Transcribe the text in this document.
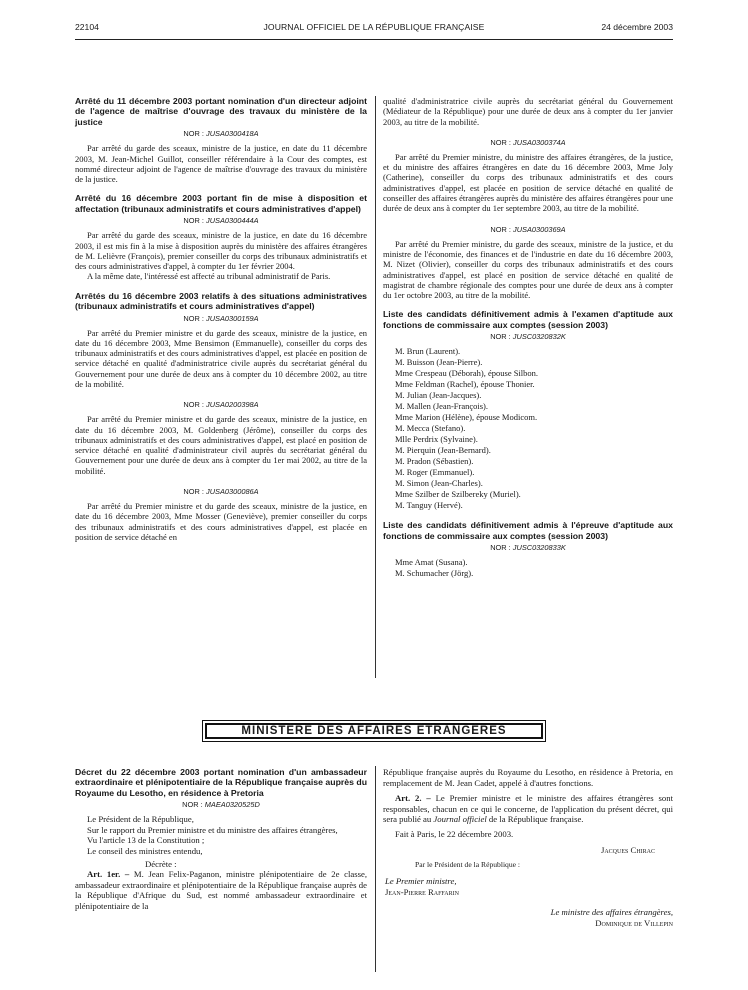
22104	JOURNAL OFFICIEL DE LA RÉPUBLIQUE FRANÇAISE	24 décembre 2003
Arrêté du 11 décembre 2003 portant nomination d'un directeur adjoint de l'agence de maîtrise d'ouvrage des travaux du ministère de la justice
NOR : JUSA0300418A

Par arrêté du garde des sceaux, ministre de la justice, en date du 11 décembre 2003, M. Jean-Michel Guillot, conseiller référendaire à la Cour des comptes, est nommé directeur adjoint de l'agence de maîtrise d'ouvrage des travaux du ministère de la justice.

Arrêté du 16 décembre 2003 portant fin de mise à disposition et affectation (tribunaux administratifs et cours administratives d'appel)
NOR : JUSA0300444A

Par arrêté du garde des sceaux, ministre de la justice, en date du 16 décembre 2003, il est mis fin à la mise à disposition auprès du ministère des affaires étrangères de M. Lelièvre (François), premier conseiller du corps des tribunaux administratifs et des cours administratives d'appel, à compter du 1er février 2004.

A la même date, l'intéressé est affecté au tribunal administratif de Paris.

Arrêtés du 16 décembre 2003 relatifs à des situations administratives (tribunaux administratifs et cours administratives d'appel)
NOR : JUSA0300159A

Par arrêté du Premier ministre et du garde des sceaux, ministre de la justice, en date du 16 décembre 2003, Mme Bensimon (Emmanuelle), conseiller du corps des tribunaux administratifs et des cours administratives d'appel, est placée en position de service détaché en qualité d'administratrice civile auprès du secrétariat général du Gouvernement pour une durée de deux ans à compter du 10 décembre 2002, au titre de la mobilité.

NOR : JUSA0200398A

Par arrêté du Premier ministre et du garde des sceaux, ministre de la justice, en date du 16 décembre 2003, M. Goldenberg (Jérôme), conseiller du corps des tribunaux administratifs et des cours administratives d'appel, est placé en position de service détaché en qualité d'administrateur civil auprès du secrétariat général du Gouvernement pour une durée de deux ans à compter du 1er mai 2002, au titre de la mobilité.

NOR : JUSA0300086A

Par arrêté du Premier ministre et du garde des sceaux, ministre de la justice, en date du 16 décembre 2003, Mme Mosser (Geneviève), premier conseiller du corps des tribunaux administratifs et des cours administratives d'appel, est placée en position de service détaché en

qualité d'administratrice civile auprès du secrétariat général du Gouvernement (Médiateur de la République) pour une durée de deux ans à compter du 1er janvier 2003, au titre de la mobilité.

NOR : JUSA0300374A

Par arrêté du Premier ministre, du ministre des affaires étrangères, de la justice, et du ministre des affaires étrangères en date du 16 décembre 2003, Mme Joly (Catherine), conseiller du corps des tribunaux administratifs et des cours administratives d'appel, est placée en position de service détaché en qualité de conseiller des affaires étrangères auprès du ministère des affaires étrangères pour une durée de deux ans à compter du 1er septembre 2003, au titre de la mobilité.

NOR : JUSA0300369A

Par arrêté du Premier ministre, du garde des sceaux, ministre de la justice, et du ministre de l'économie, des finances et de l'industrie en date du 16 décembre 2003, M. Nizet (Olivier), conseiller du corps des tribunaux administratifs et des cours administratives d'appel, est placé en position de service détaché en qualité de magistrat de chambre régionale des comptes pour une durée de deux ans à compter du 1er octobre 2003, au titre de la mobilité.

Liste des candidats définitivement admis à l'examen d'aptitude aux fonctions de commissaire aux comptes (session 2003)
NOR : JUSC0320832K
M. Brun (Laurent).
M. Buisson (Jean-Pierre).
Mme Crespeau (Déborah), épouse Silbon.
Mme Feldman (Rachel), épouse Thonier.
M. Julian (Jean-Jacques).
M. Mallen (Jean-François).
Mme Marion (Hélène), épouse Modicom.
M. Mecca (Stefano).
Mlle Perdrix (Sylvaine).
M. Pierquin (Jean-Bernard).
M. Pradon (Sébastien).
M. Roger (Emmanuel).
M. Simon (Jean-Charles).
Mme Szilber de Szilbereky (Muriel).
M. Tanguy (Hervé).
Liste des candidats définitivement admis à l'épreuve d'aptitude aux fonctions de commissaire aux comptes (session 2003)
NOR : JUSC0320833K
Mme Amat (Susana).
M. Schumacher (Jörg).
MINISTÈRE DES AFFAIRES ÉTRANGÈRES
Décret du 22 décembre 2003 portant nomination d'un ambassadeur extraordinaire et plénipotentiaire de la République française auprès du Royaume du Lesotho, en résidence à Pretoria
NOR : MAEA0320525D

Le Président de la République,

Sur le rapport du Premier ministre et du ministre des affaires étrangères,

Vu l'article 13 de la Constitution ;

Le conseil des ministres entendu,

Décrète :

Art. 1er. – M. Jean Felix-Paganon, ministre plénipotentiaire de 2e classe, ambassadeur extraordinaire et plénipotentiaire de la République française auprès de la République d'Afrique du Sud, est nommé ambassadeur extraordinaire et plénipotentiaire de la

République française auprès du Royaume du Lesotho, en résidence à Pretoria, en remplacement de M. Jean Cadet, appelé à d'autres fonctions.

Art. 2. – Le Premier ministre et le ministre des affaires étrangères sont responsables, chacun en ce qui le concerne, de l'application du présent décret, qui sera publié au Journal officiel de la République française.

Fait à Paris, le 22 décembre 2003.

Jacques Chirac
Par le Président de la République :
Le Premier ministre,
Jean-Pierre Raffarin
Le ministre des affaires étrangères,
Dominique de Villepin
